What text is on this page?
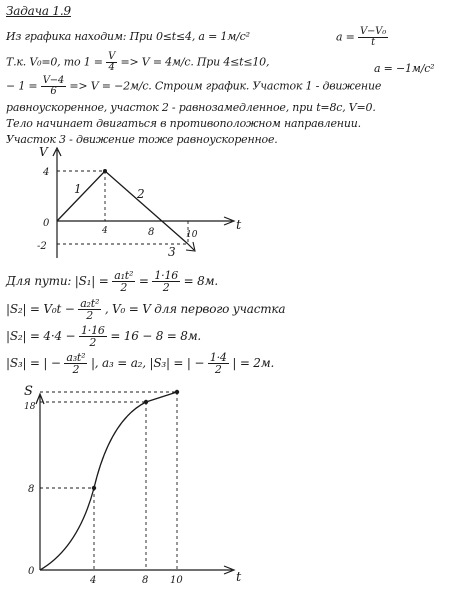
Задача 1.9
Из графика находим: При 0≤t≤4, a = 1м/с²	$a = \frac{\text{V−V₀}}{t}$
Т.к. V₀=0, то $1 = \frac{V}{4} => V = 4м/с$. При 4≤t≤10,	a = −1м/с²
− $1 = \frac{V-4}{6} => V = -2м/с$. Строим график. Участок 1 - движение
равноускоренное, участок 2 - равнозамедленное, при t=8с, V=0.
Тело начинает двигаться в противоположном направлении.
Участок 3 - движение тоже равноускоренное.
V
t
4
0
-2
4	8	10
1	2
3
Для пути: $|S_1| = \frac{\text{a₁t²}}{2} = \frac{1\cdot 16}{2} = 8м$.
$|S_2| = V_0t - \frac{\text{a₂t²}}{2}$ , V₀ = V для первого участка
$|S_2| = 4\cdot 4 - \frac{1\cdot 16}{2} = 16 - 8 = 8м$.
|S₃| = | − $\frac{\text{a₃t²}}{2}$ |, a₃ = a₂, |S₃| = | − $\frac{1\cdot 4}{2}$ | = 2м.
S
18
8
0
4	8 10	t
